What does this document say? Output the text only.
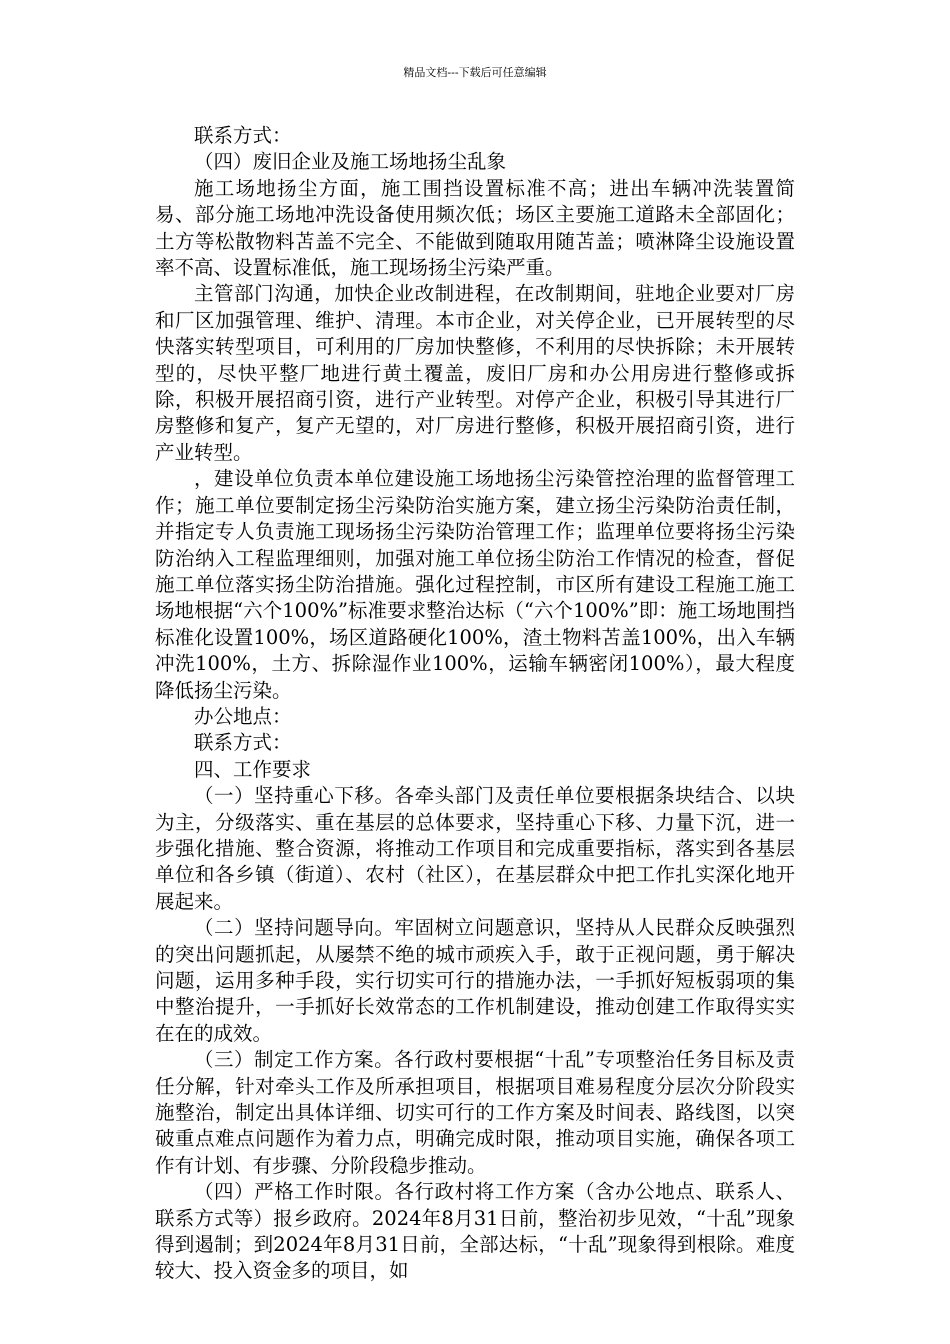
精品文档---下载后可任意编辑

联系方式：

（四）废旧企业及施工场地扬尘乱象

施工场地扬尘方面，施工围挡设置标准不高；进出车辆冲洗装置简易、部分施工场地冲洗设备使用频次低；场区主要施工道路未全部固化；土方等松散物料苫盖不完全、不能做到随取用随苫盖；喷淋降尘设施设置率不高、设置标准低，施工现场扬尘污染严重。

主管部门沟通，加快企业改制进程，在改制期间，驻地企业要对厂房和厂区加强管理、维护、清理。本市企业，对关停企业，已开展转型的尽快落实转型项目，可利用的厂房加快整修，不利用的尽快拆除；未开展转型的，尽快平整厂地进行黄土覆盖，废旧厂房和办公用房进行整修或拆除，积极开展招商引资，进行产业转型。对停产企业，积极引导其进行厂房整修和复产，复产无望的，对厂房进行整修，积极开展招商引资，进行产业转型。

，建设单位负责本单位建设施工场地扬尘污染管控治理的监督管理工作；施工单位要制定扬尘污染防治实施方案，建立扬尘污染防治责任制，并指定专人负责施工现场扬尘污染防治管理工作；监理单位要将扬尘污染防治纳入工程监理细则，加强对施工单位扬尘防治工作情况的检查，督促施工单位落实扬尘防治措施。强化过程控制，市区所有建设工程施工施工场地根据“六个100%”标准要求整治达标（“六个100%”即：施工场地围挡标准化设置100%，场区道路硬化100%，渣土物料苫盖100%，出入车辆冲洗100%，土方、拆除湿作业100%，运输车辆密闭100%），最大程度降低扬尘污染。

办公地点：

联系方式：

四、工作要求

（一）坚持重心下移。各牵头部门及责任单位要根据条块结合、以块为主，分级落实、重在基层的总体要求，坚持重心下移、力量下沉，进一步强化措施、整合资源，将推动工作项目和完成重要指标，落实到各基层单位和各乡镇（街道）、农村（社区），在基层群众中把工作扎实深化地开展起来。

（二）坚持问题导向。牢固树立问题意识，坚持从人民群众反映强烈的突出问题抓起，从屡禁不绝的城市顽疾入手，敢于正视问题，勇于解决问题，运用多种手段，实行切实可行的措施办法，一手抓好短板弱项的集中整治提升，一手抓好长效常态的工作机制建设，推动创建工作取得实实在在的成效。

（三）制定工作方案。各行政村要根据“十乱”专项整治任务目标及责任分解，针对牵头工作及所承担项目，根据项目难易程度分层次分阶段实施整治，制定出具体详细、切实可行的工作方案及时间表、路线图，以突破重点难点问题作为着力点，明确完成时限，推动项目实施，确保各项工作有计划、有步骤、分阶段稳步推动。

（四）严格工作时限。各行政村将工作方案（含办公地点、联系人、联系方式等）报乡政府。2024年8月31日前，整治初步见效，“十乱”现象得到遏制；到2024年8月31日前，全部达标，“十乱”现象得到根除。难度较大、投入资金多的项目，如
